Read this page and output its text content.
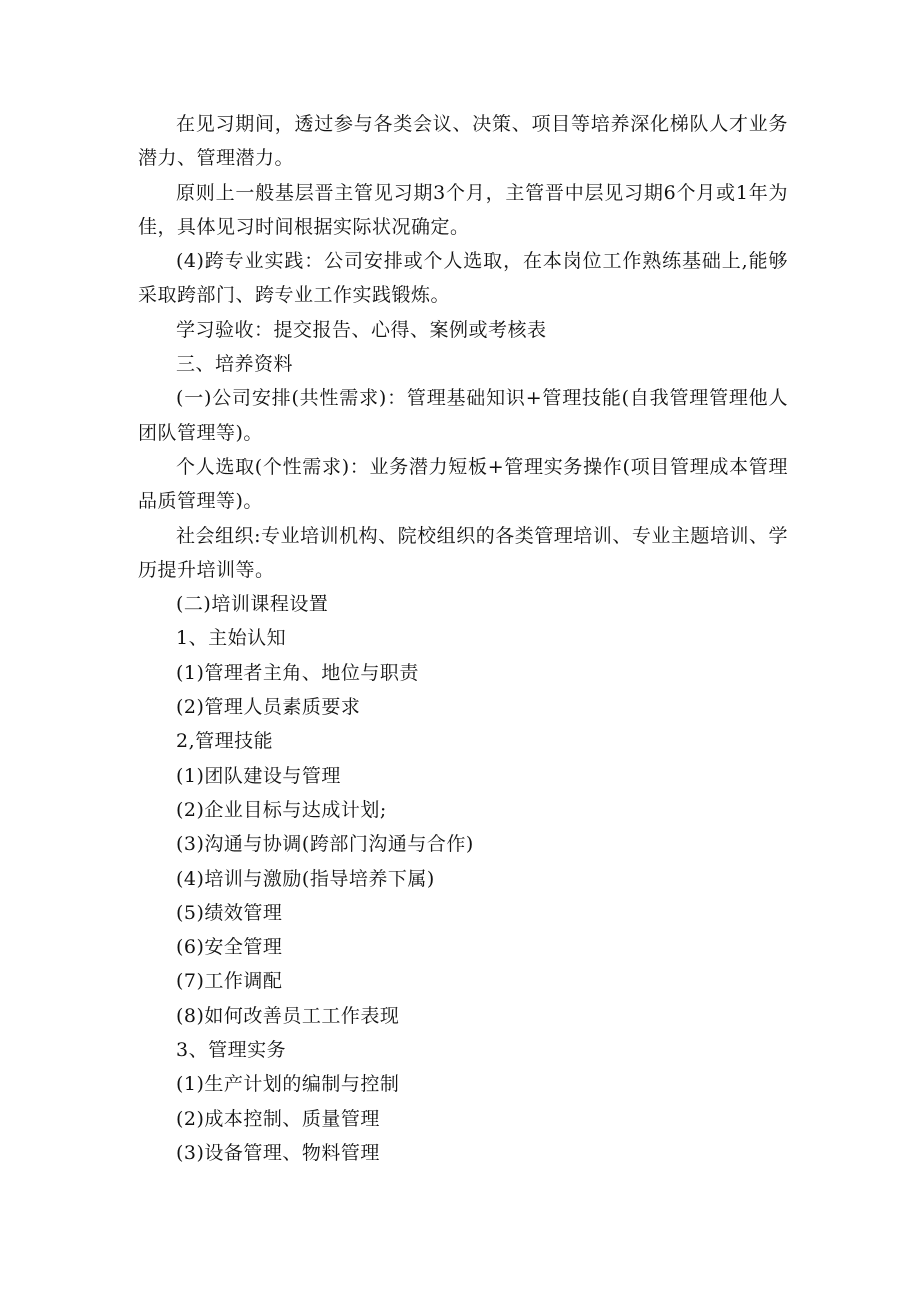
在见习期间，透过参与各类会议、决策、项目等培养深化梯队人才业务潜力、管理潜力。

原则上一般基层晋主管见习期3个月，主管晋中层见习期6个月或1年为佳，具体见习时间根据实际状况确定。

(4)跨专业实践：公司安排或个人选取，在本岗位工作熟练基础上,能够采取跨部门、跨专业工作实践锻炼。

学习验收：提交报告、心得、案例或考核表

三、培养资料

(一)公司安排(共性需求)：管理基础知识+管理技能(自我管理管理他人团队管理等)。

个人选取(个性需求)：业务潜力短板+管理实务操作(项目管理成本管理品质管理等)。

社会组织:专业培训机构、院校组织的各类管理培训、专业主题培训、学历提升培训等。

(二)培训课程设置

1、主始认知

(1)管理者主角、地位与职责

(2)管理人员素质要求

2,管理技能

(1)团队建设与管理

(2)企业目标与达成计划;

(3)沟通与协调(跨部门沟通与合作)

(4)培训与激励(指导培养下属)

(5)绩效管理

(6)安全管理

(7)工作调配

(8)如何改善员工工作表现

3、管理实务

(1)生产计划的编制与控制

(2)成本控制、质量管理

(3)设备管理、物料管理
